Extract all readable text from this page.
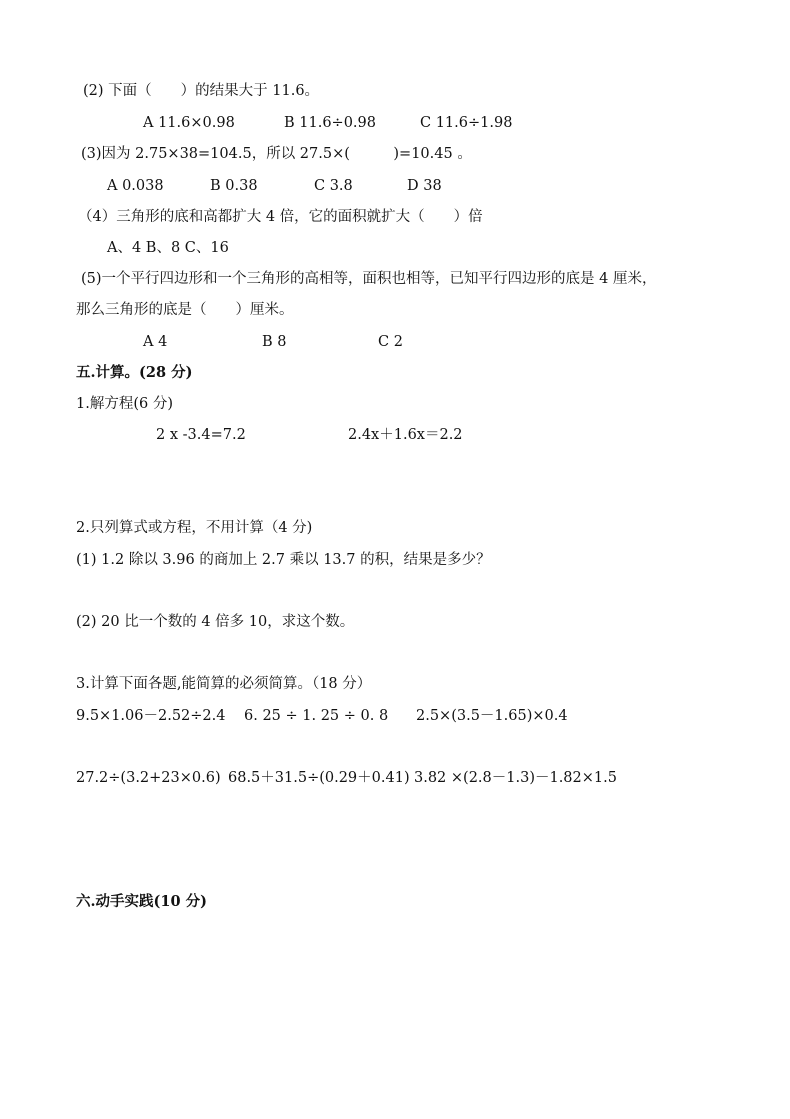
(2) 下面（　　）的结果大于 11.6。
A 11.6×0.98	B 11.6÷0.98	C 11.6÷1.98
(3)因为 2.75×38=104.5，所以 27.5×(　　　)=10.45 。
A 0.038	B 0.38	C 3.8	D 38
（4）三角形的底和高都扩大 4 倍，它的面积就扩大（　　）倍
A、4 B、8 C、16
(5)一个平行四边形和一个三角形的高相等，面积也相等，已知平行四边形的底是 4 厘米，
那么三角形的底是（　　）厘米。
A 4	B 8	C 2
五.计算。(28 分)
1.解方程(6 分)
2 x -3.4=7.2	2.4x＋1.6x＝2.2
2.只列算式或方程，不用计算（4 分)
(1) 1.2 除以 3.96 的商加上 2.7 乘以 13.7 的积，结果是多少？
(2) 20 比一个数的 4 倍多 10，求这个数。
3.计算下面各题,能简算的必须简算。（18 分）
9.5×1.06－2.52÷2.4 6. 25 ÷ 1. 25 ÷ 0. 8 2.5×(3.5－1.65)×0.4
27.2÷(3.2+23×0.6) 68.5＋31.5÷(0.29＋0.41) 3.82 ×(2.8－1.3)－1.82×1.5
六.动手实践(10 分)
